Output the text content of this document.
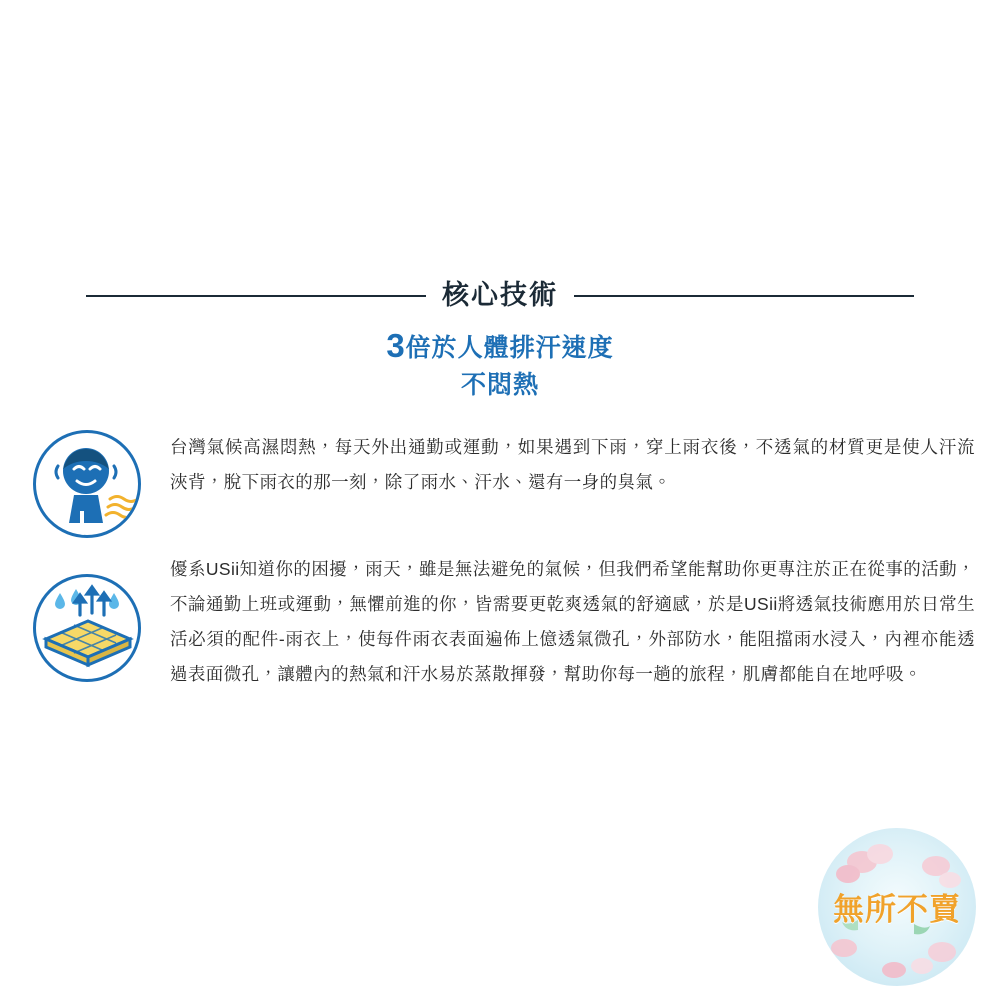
核心技術
3倍於人體排汗速度
不悶熱
台灣氣候高濕悶熱，每天外出通勤或運動，如果遇到下雨，穿上雨衣後，不透氣的材質更是使人汗流浹背，脫下雨衣的那一刻，除了雨水、汗水、還有一身的臭氣。
優系USii知道你的困擾，雨天，雖是無法避免的氣候，但我們希望能幫助你更專注於正在從事的活動，不論通勤上班或運動，無懼前進的你，皆需要更乾爽透氣的舒適感，於是USii將透氣技術應用於日常生活必須的配件-雨衣上，使每件雨衣表面遍佈上億透氣微孔，外部防水，能阻擋雨水浸入，內裡亦能透過表面微孔，讓體內的熱氣和汗水易於蒸散揮發，幫助你每一趟的旅程，肌膚都能自在地呼吸。
無所不賣
